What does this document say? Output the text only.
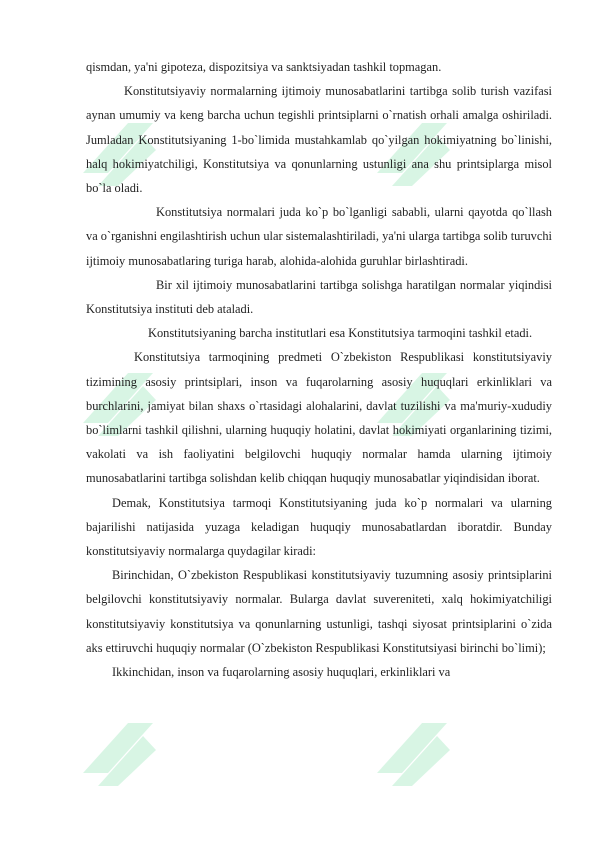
qismdan, ya'ni gipoteza, dispozitsiya va sanktsiyadan tashkil topmagan.

Konstitutsiyaviy normalarning ijtimoiy munosabatlarini tartibga solib turish vazifasi aynan umumiy va keng barcha uchun tegishli printsiplarni o`rnatish orhali amalga oshiriladi. Jumladan Konstitutsiyaning 1-bo`limida mustahkamlab qo`yilgan hokimiyatning bo`linishi, halq hokimiyatchiligi, Konstitutsiya va qonunlarning ustunligi ana shu printsiplarga misol bo`la oladi.

Konstitutsiya normalari juda ko`p bo`lganligi sababli, ularni qayotda qo`llash va o`rganishni engilashtirish uchun ular sistemalashtiriladi, ya'ni ularga tartibga solib turuvchi ijtimoiy munosabatlaring turiga harab, alohida-alohida guruhlar birlashtiradi.

Bir xil ijtimoiy munosabatlarini tartibga solishga haratilgan normalar yiqindisi Konstitutsiya instituti deb ataladi.

Konstitutsiyaning barcha institutlari esa Konstitutsiya tarmoqini tashkil etadi.

Konstitutsiya tarmoqining predmeti O`zbekiston Respublikasi konstitutsiyaviy tizimining asosiy printsiplari, inson va fuqarolarning asosiy huquqlari erkinliklari va burchlarini, jamiyat bilan shaxs o`rtasidagi alohalarini, davlat tuzilishi va ma'muriy-xududiy bo`limlarni tashkil qilishni, ularning huquqiy holatini, davlat hokimiyati organlarining tizimi, vakolati va ish faoliyatini belgilovchi huquqiy normalar hamda ularning ijtimoiy munosabatlarini tartibga solishdan kelib chiqqan huquqiy munosabatlar yiqindisidan iborat.

Demak, Konstitutsiya tarmoqi Konstitutsiyaning juda ko`p normalari va ularning bajarilishi natijasida yuzaga keladigan huquqiy munosabatlardan iboratdir. Bunday konstitutsiyaviy normalarga quydagilar kiradi:

Birinchidan, O`zbekiston Respublikasi konstitutsiyaviy tuzumning asosiy printsiplarini belgilovchi konstitutsiyaviy normalar. Bularga davlat suvereniteti, xalq hokimiyatchiligi konstitutsiyaviy konstitutsiya va qonunlarning ustunligi, tashqi siyosat printsiplarini o`zida aks ettiruvchi huquqiy normalar (O`zbekiston Respublikasi Konstitutsiyasi birinchi bo`limi);

Ikkinchidan, inson va fuqarolarning asosiy huquqlari, erkinliklari va
